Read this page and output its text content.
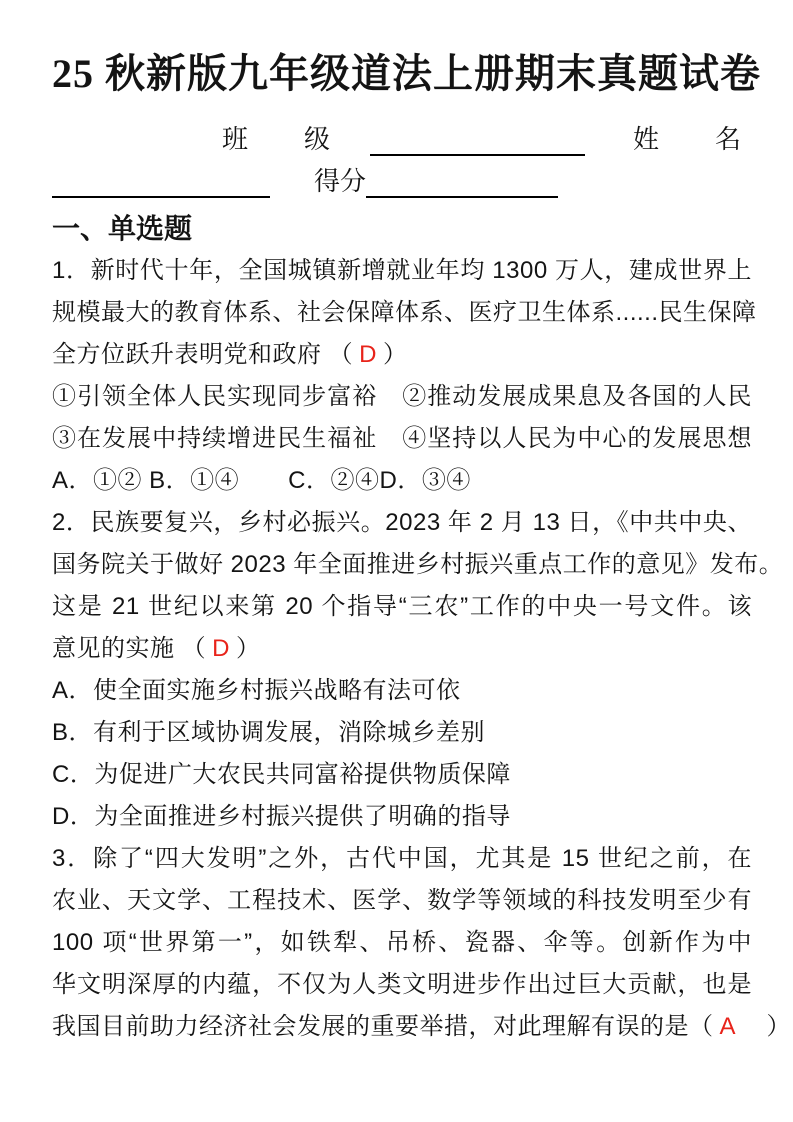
25 秋新版九年级道法上册期末真题试卷
班 级	姓 名
得分
一、单选题
1．新时代十年，全国城镇新增就业年均 1300 万人，建成世界上
规模最大的教育体系、社会保障体系、医疗卫生体系......民生保障
全方位跃升表明党和政府 （ D ）
①引领全体人民实现同步富裕　②推动发展成果息及各国的人民
③在发展中持续增进民生福祉　④坚持以人民为中心的发展思想
A．①② B．①④　　C．②④D．③④
2．民族要复兴，乡村必振兴。2023 年 2 月 13 日，《中共中央、
国务院关于做好 2023 年全面推进乡村振兴重点工作的意见》发布。
这是 21 世纪以来第 20 个指导“三农”工作的中央一号文件。该
意见的实施 （ D ）
A．使全面实施乡村振兴战略有法可依
B．有利于区域协调发展，消除城乡差别
C．为促进广大农民共同富裕提供物质保障
D．为全面推进乡村振兴提供了明确的指导
3．除了“四大发明”之外，古代中国，尤其是 15 世纪之前，在
农业、天文学、工程技术、医学、数学等领域的科技发明至少有
100 项“世界第一”，如铁犁、吊桥、瓷器、伞等。创新作为中
华文明深厚的内蕴，不仅为人类文明进步作出过巨大贡献，也是
我国目前助力经济社会发展的重要举措，对此理解有误的是（ A　）
